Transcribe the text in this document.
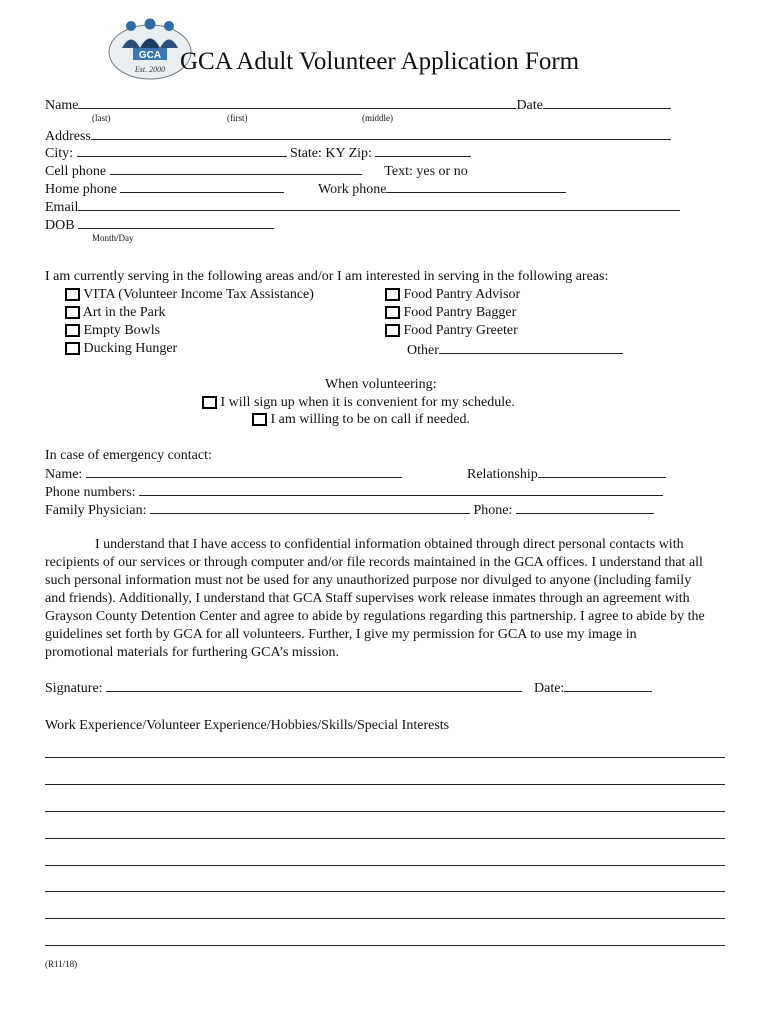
GCA
Est. 2000 GCA Adult Volunteer Application Form
Name	Date
(last)	(first)	(middle)
Address
City:	State: KY Zip:
Cell phone	Text: yes or no
Home phone	Work phone
Email
DOB
Month/Day
I am currently serving in the following areas and/or I am interested in serving in the following areas:
VITA (Volunteer Income Tax Assistance)
Art in the Park
Empty Bowls
Ducking Hunger
Food Pantry Advisor
Food Pantry Bagger
Food Pantry Greeter
Other
When volunteering:
I will sign up when it is convenient for my schedule.
I am willing to be on call if needed.
In case of emergency contact:
Name:	Relationship
Phone numbers:
Family Physician:	Phone:
I understand that I have access to confidential information obtained through direct personal contacts with recipients of our services or through computer and/or file records maintained in the GCA offices. I understand that all such personal information must not be used for any unauthorized purpose nor divulged to anyone (including family and friends). Additionally, I understand that GCA Staff supervises work release inmates through an agreement with Grayson County Detention Center and agree to abide by regulations regarding this partnership. I agree to abide by the guidelines set forth by GCA for all volunteers. Further, I give my permission for GCA to use my image in promotional materials for furthering GCA’s mission.
Signature:	Date:
Work Experience/Volunteer Experience/Hobbies/Skills/Special Interests
(R11/18)
